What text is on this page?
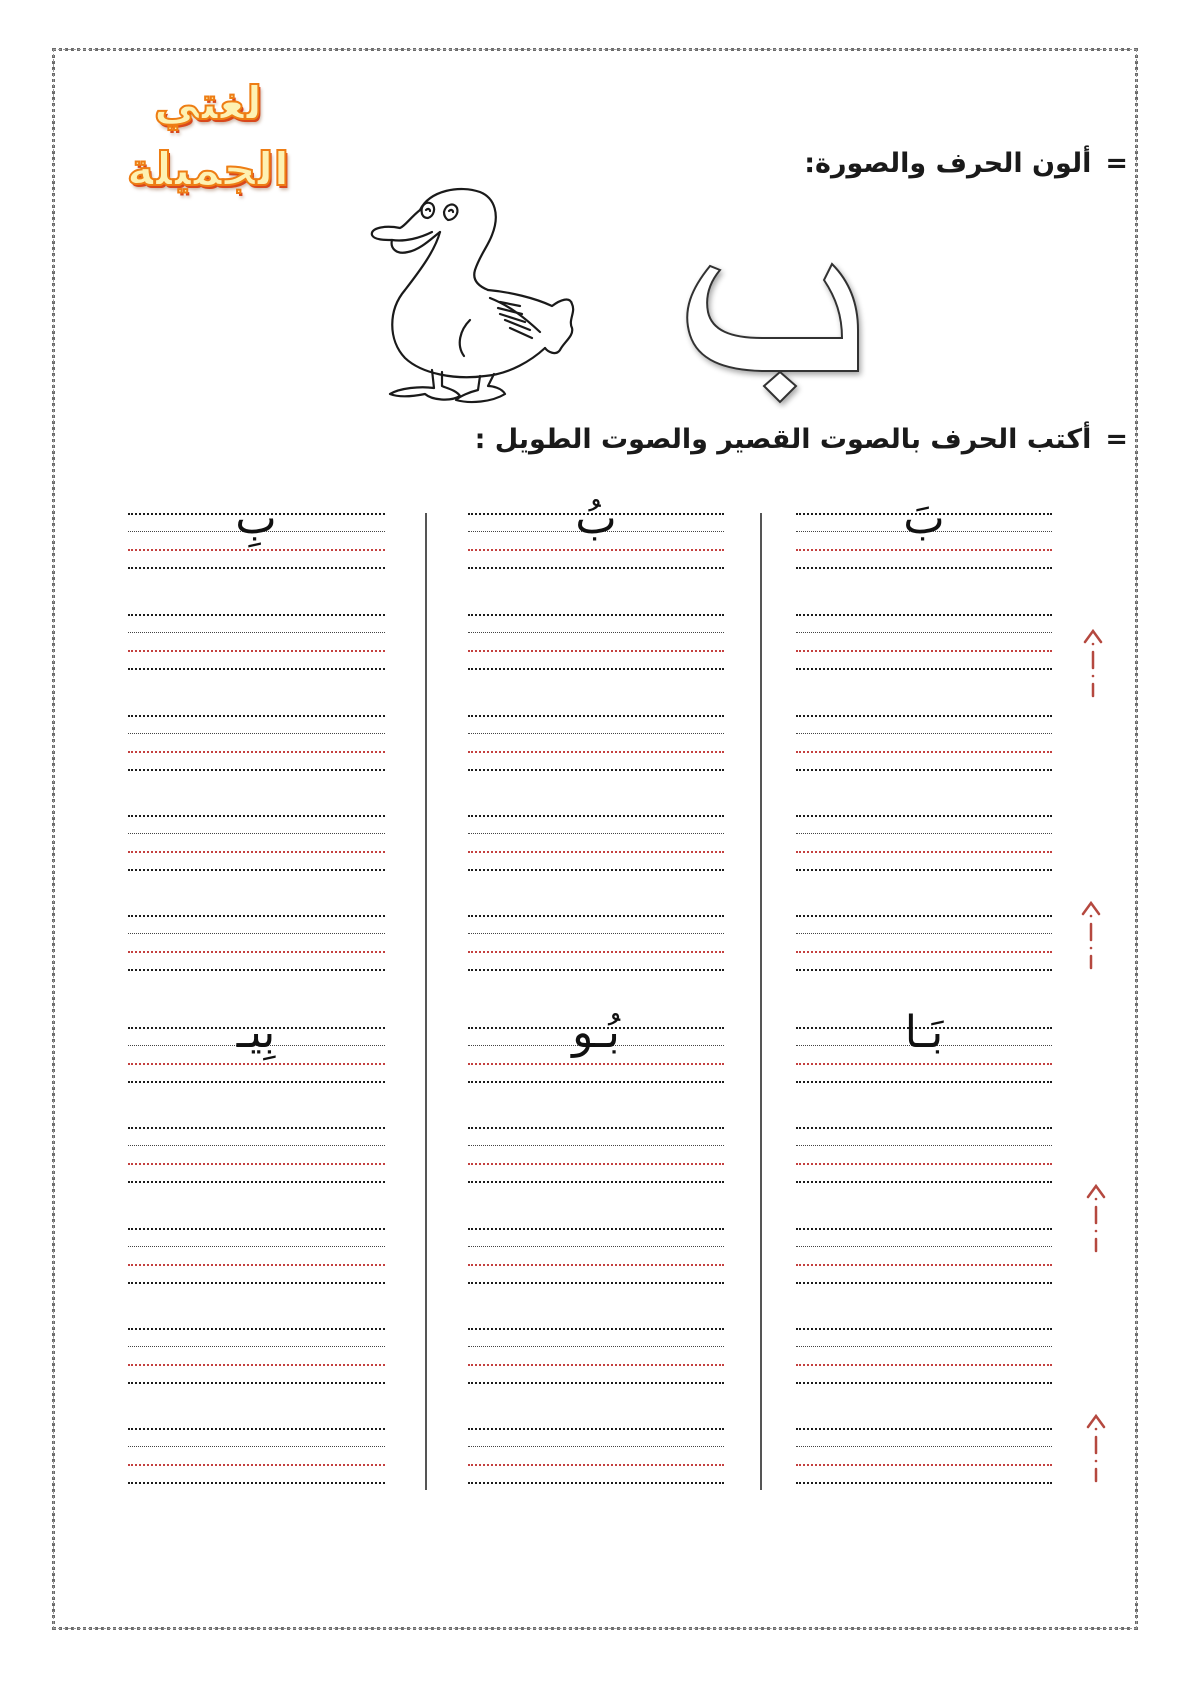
لغتي الجميلة	=ألون الحرف والصورة:
=أكتب الحرف بالصوت القصير والصوت الطويل :
بَ
بُ
بِ
بَـا
بُـو
بِيـ
